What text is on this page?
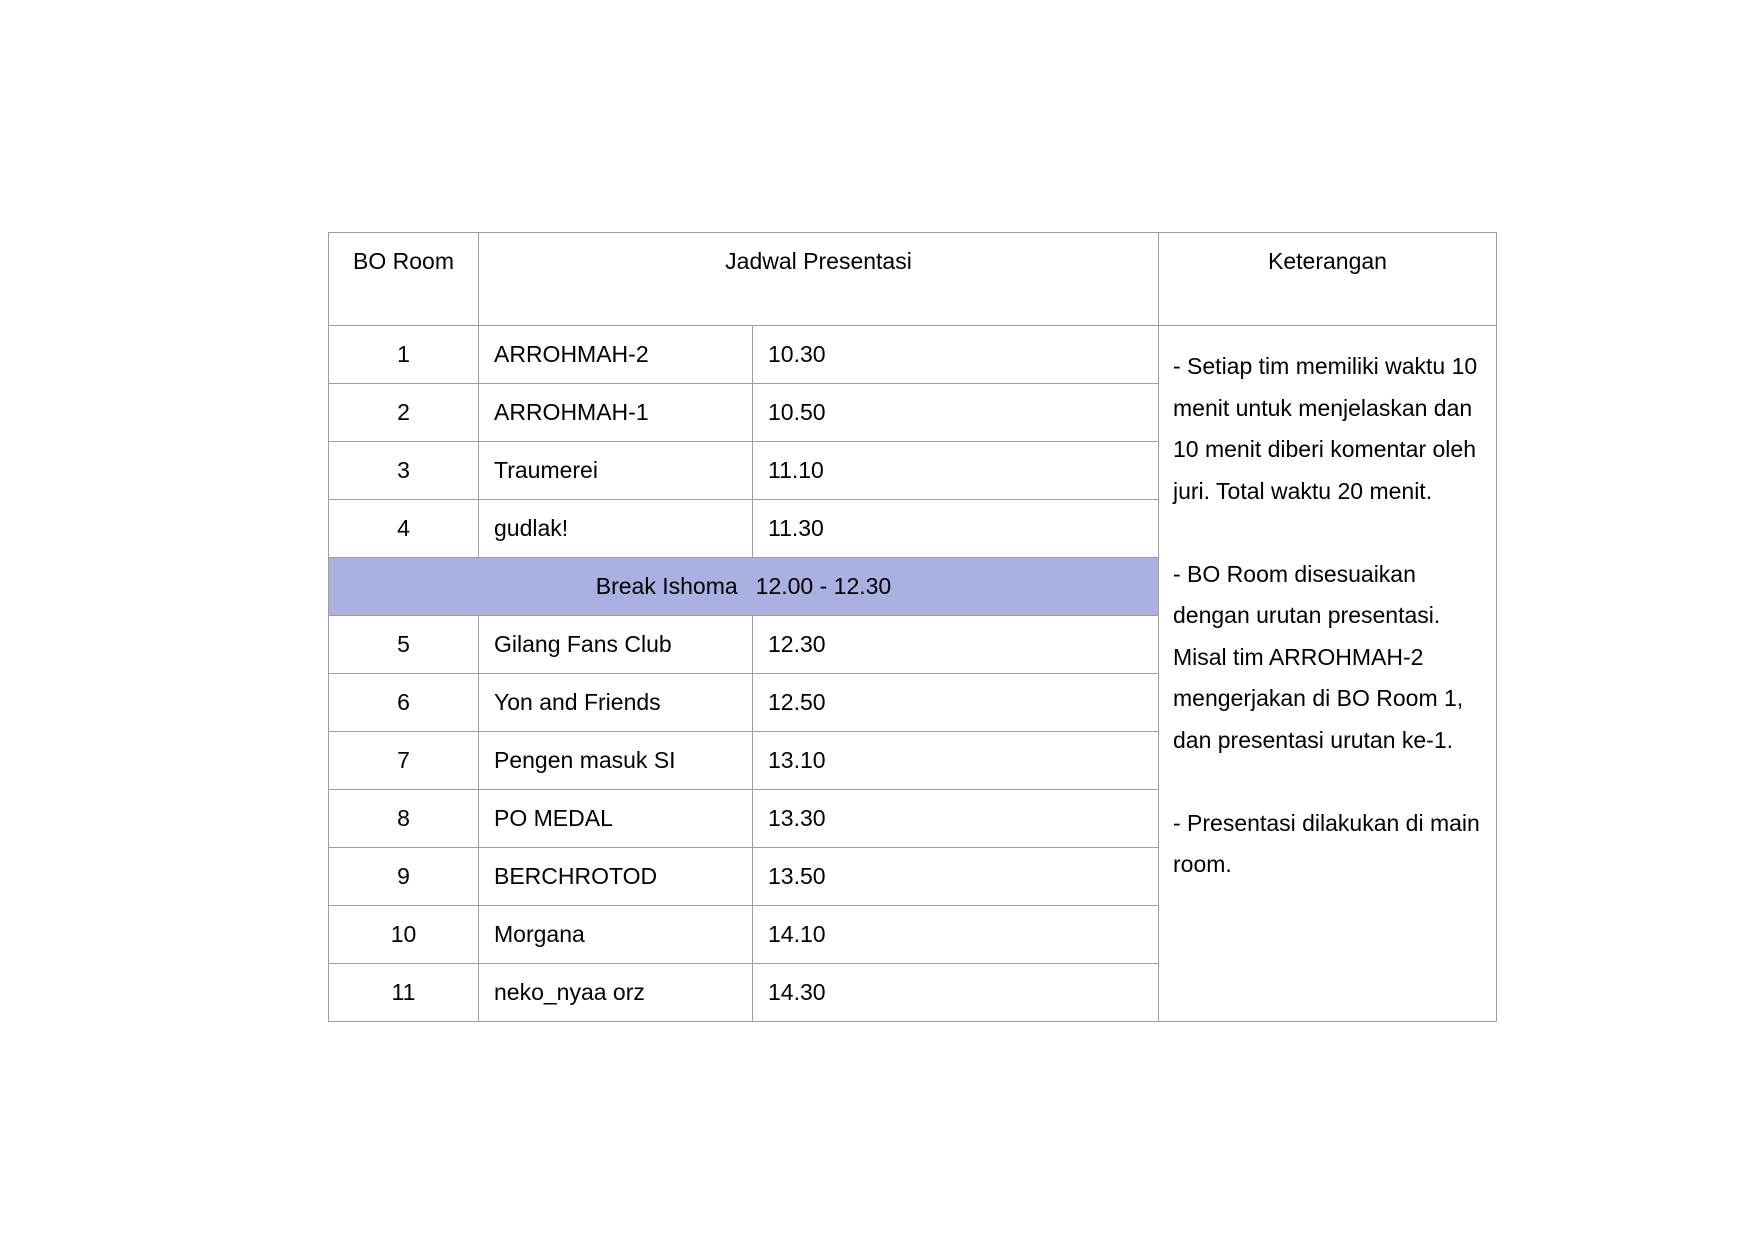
BO Room	Jadwal Presentasi		Keterangan
1	ARROHMAH-2	10.30	- Setiap tim memiliki waktu 10 menit untuk menjelaskan dan 10 menit diberi komentar oleh juri. Total waktu 20 menit.

- BO Room disesuaikan dengan urutan presentasi. Misal tim ARROHMAH-2 mengerjakan di BO Room 1, dan presentasi urutan ke-1.

- Presentasi dilakukan di main room.

2	ARROHMAH-1	10.50	
3	Traumerei	11.10	
4	gudlak!	11.30	
Break Ishoma 12.00 - 12.30			
5	Gilang Fans Club	12.30	
6	Yon and Friends	12.50	
7	Pengen masuk SI	13.10	
8	PO MEDAL	13.30	
9	BERCHROTOD	13.50	
10	Morgana	14.10	
11	neko_nyaa orz	14.30	
